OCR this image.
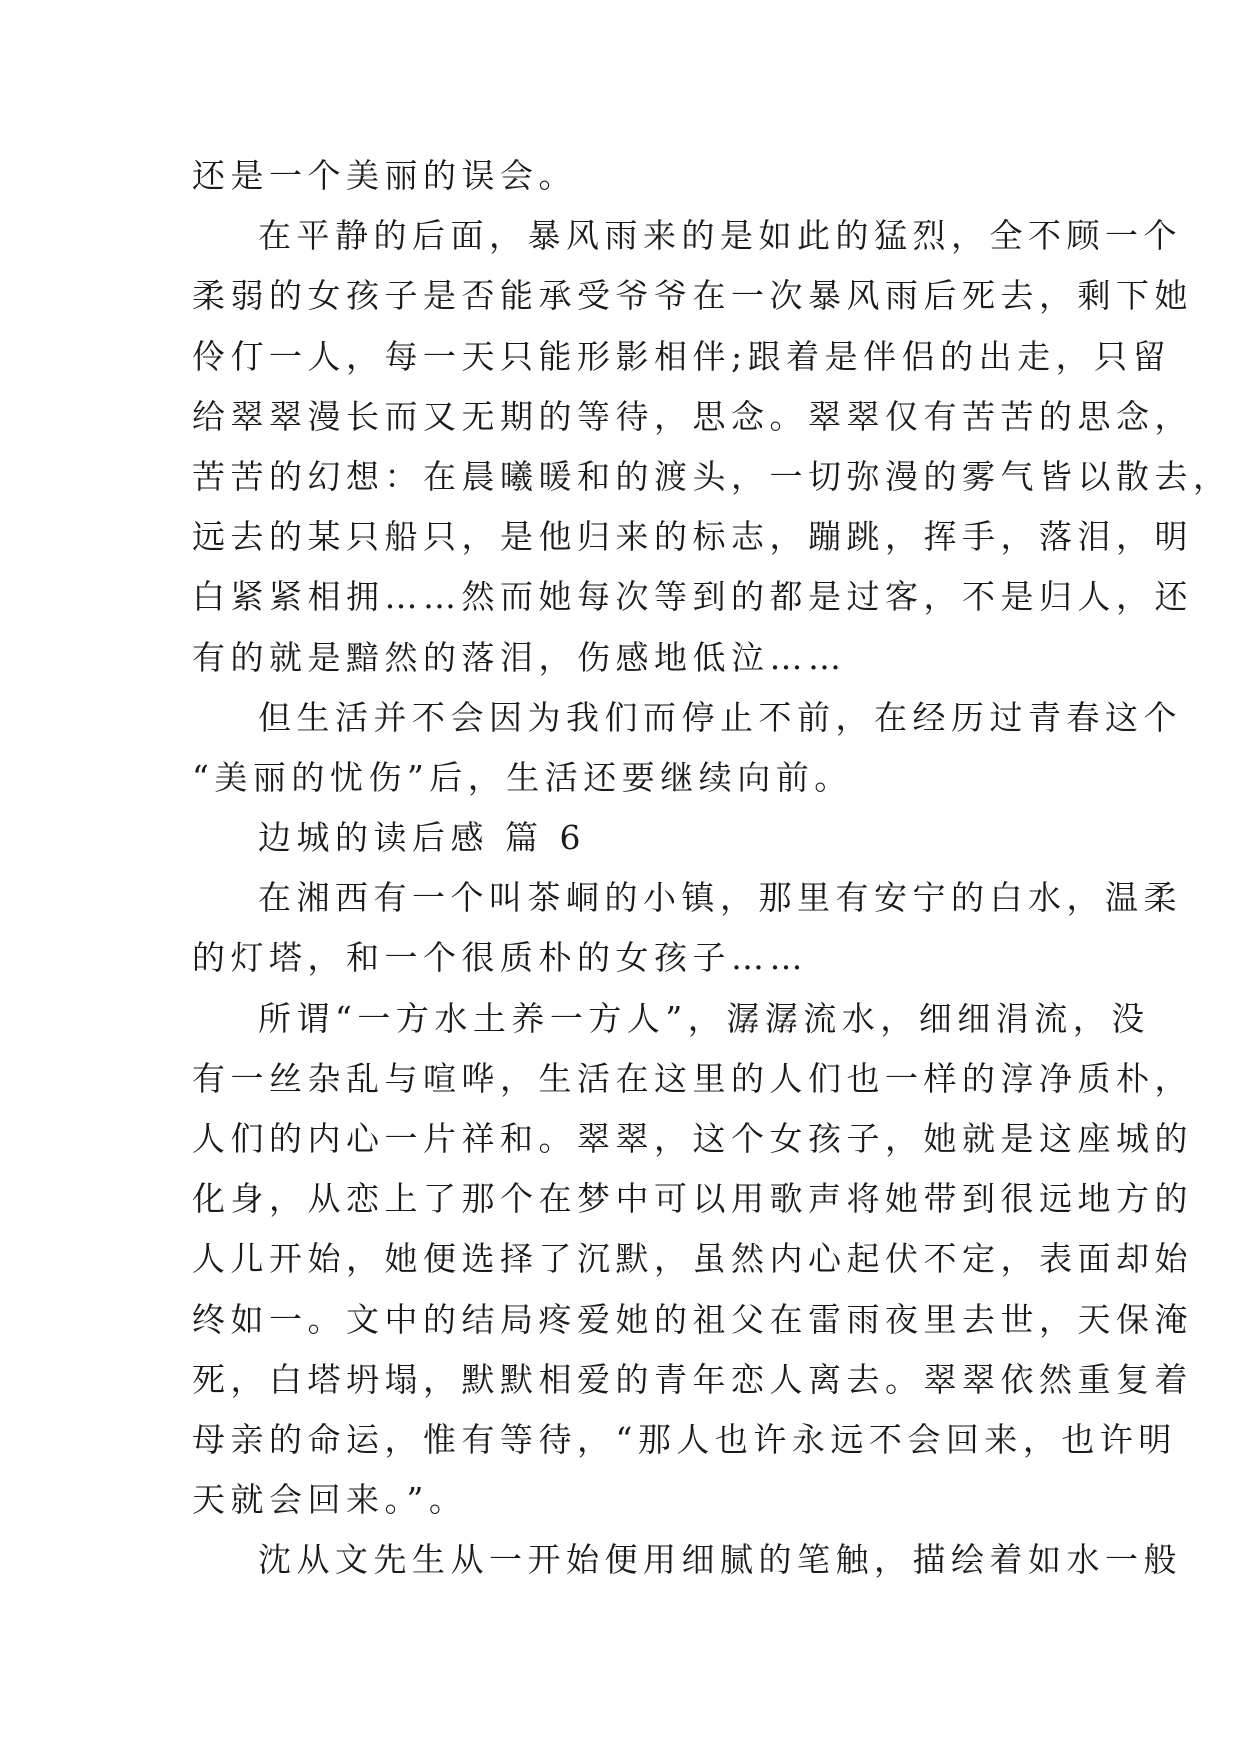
还是一个美丽的误会。
在平静的后面，暴风雨来的是如此的猛烈，全不顾一个
柔弱的女孩子是否能承受爷爷在一次暴风雨后死去，剩下她
伶仃一人，每一天只能形影相伴;跟着是伴侣的出走，只留
给翠翠漫长而又无期的等待，思念。翠翠仅有苦苦的思念，
苦苦的幻想：在晨曦暖和的渡头，一切弥漫的雾气皆以散去，
远去的某只船只，是他归来的标志，蹦跳，挥手，落泪，明
白紧紧相拥……然而她每次等到的都是过客，不是归人，还
有的就是黯然的落泪，伤感地低泣……
但生活并不会因为我们而停止不前，在经历过青春这个
“美丽的忧伤”后，生活还要继续向前。
边城的读后感 篇 6
在湘西有一个叫茶峒的小镇，那里有安宁的白水，温柔
的灯塔，和一个很质朴的女孩子……
所谓“一方水土养一方人”，潺潺流水，细细涓流，没
有一丝杂乱与喧哗，生活在这里的人们也一样的淳净质朴，
人们的内心一片祥和。翠翠，这个女孩子，她就是这座城的
化身，从恋上了那个在梦中可以用歌声将她带到很远地方的
人儿开始，她便选择了沉默，虽然内心起伏不定，表面却始
终如一。文中的结局疼爱她的祖父在雷雨夜里去世，天保淹
死，白塔坍塌，默默相爱的青年恋人离去。翠翠依然重复着
母亲的命运，惟有等待，“那人也许永远不会回来，也许明
天就会回来。”。
沈从文先生从一开始便用细腻的笔触，描绘着如水一般
